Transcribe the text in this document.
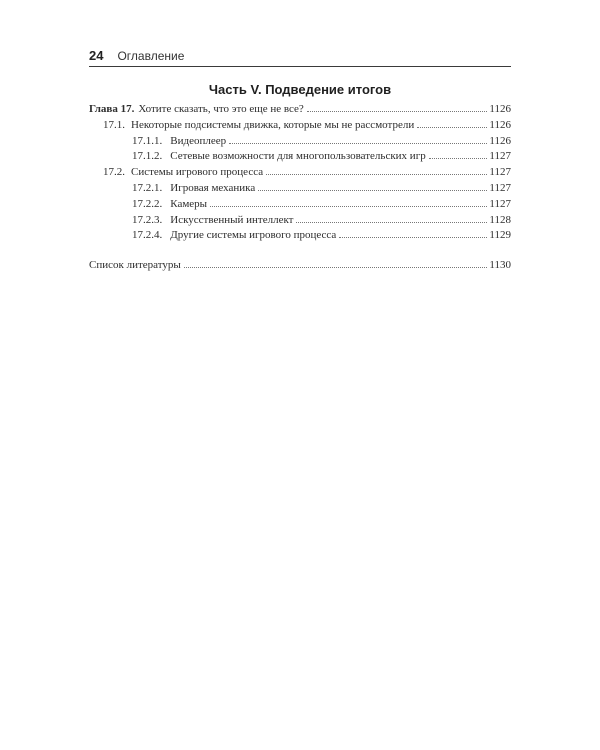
24 Оглавление
Часть V. Подведение итогов
Глава 17. Хотите сказать, что это еще не все?	1126
17.1. Некоторые подсистемы движка, которые мы не рассмотрели	1126
17.1.1. Видеоплеер	1126
17.1.2. Сетевые возможности для многопользовательских игр	1127
17.2. Системы игрового процесса	1127
17.2.1. Игровая механика	1127
17.2.2. Камеры	1127
17.2.3. Искусственный интеллект	1128
17.2.4. Другие системы игрового процесса	1129
Список литературы	1130
